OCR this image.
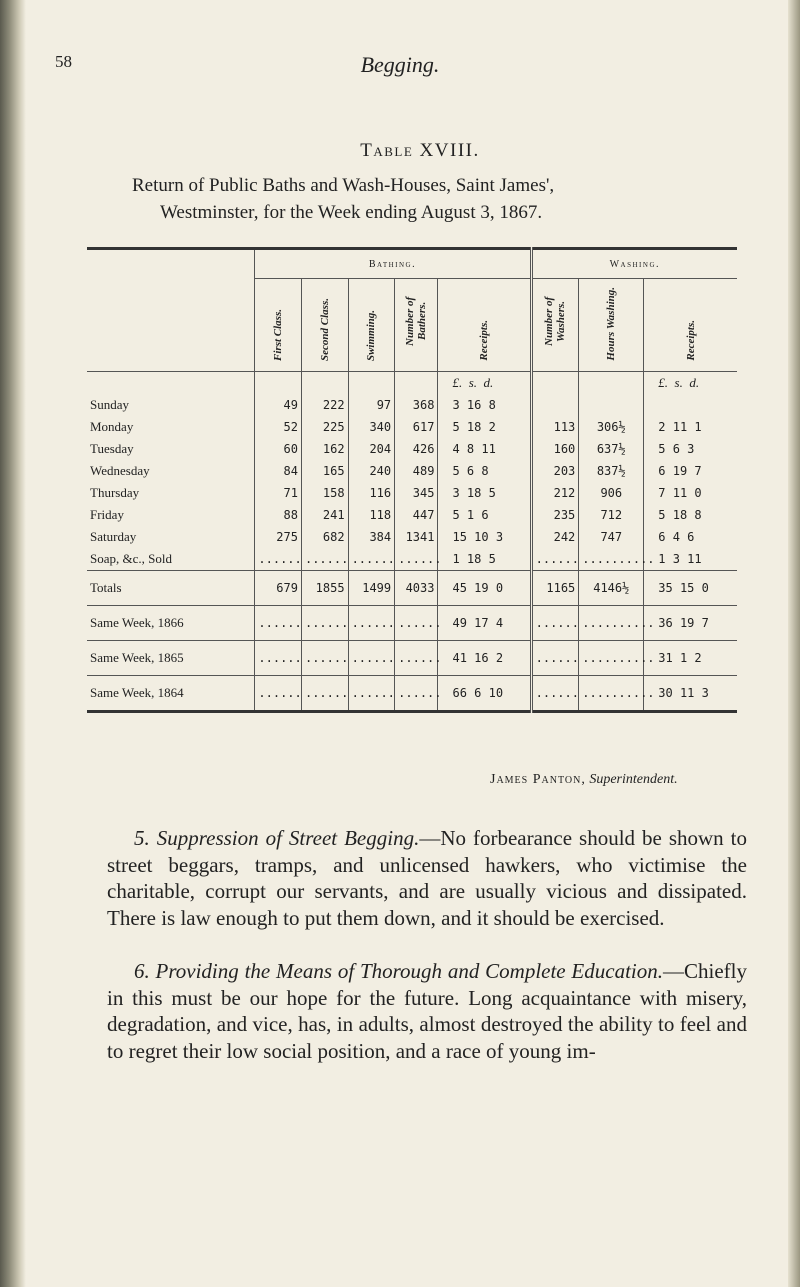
58	Begging.
Table XVIII.
Return of Public Baths and Wash-Houses, Saint James',
Westminster, for the Week ending August 3, 1867.
	Bathing.					Washing.		
	First Class.	Second Class.	Swimming.	Number of Bathers.	Receipts.	Number of Washers.	Hours Washing.	Receipts.
					£. s. d.			£. s. d.
Sunday	49	222	97	368	3 16 8			
Monday	52	225	340	617	5 18 2	113	306½	2 11 1
Tuesday	60	162	204	426	4 8 11	160	637½	5 6 3
Wednesday	84	165	240	489	5 6 8	203	837½	6 19 7
Thursday	71	158	116	345	3 18 5	212	906	7 11 0
Friday	88	241	118	447	5 1 6	235	712	5 18 8
Saturday	275	682	384	1341	15 10 3	242	747	6 4 6
Soap, &c., Sold	......	......	......	......	1 18 5	......	..........	1 3 11
Totals	679	1855	1499	4033	45 19 0	1165	4146½	35 15 0
Same Week, 1866	......	......	......	......	49 17 4	......	..........	36 19 7
Same Week, 1865	......	......	......	......	41 16 2	......	..........	31 1 2
Same Week, 1864	......	......	......	......	66 6 10	......	..........	30 11 3
James Panton, Superintendent.
5. Suppression of Street Begging.—No forbearance should be shown to street beggars, tramps, and unlicensed hawkers, who victimise the charitable, corrupt our servants, and are usually vicious and dissipated. There is law enough to put them down, and it should be exercised.
6. Providing the Means of Thorough and Complete Education.—Chiefly in this must be our hope for the future. Long acquaintance with misery, degradation, and vice, has, in adults, almost destroyed the ability to feel and to regret their low social position, and a race of young im-
